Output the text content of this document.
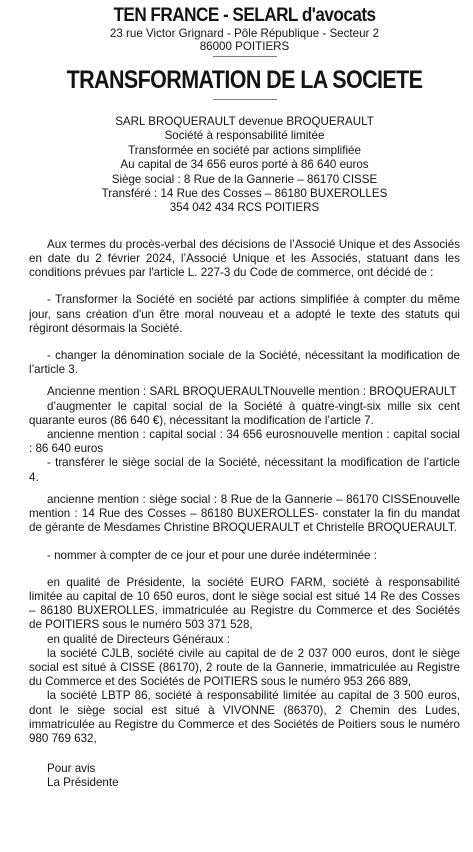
TEN FRANCE - SELARL d'avocats
23 rue Victor Grignard - Pôle République - Secteur 2
86000 POITIERS
TRANSFORMATION DE LA SOCIETE
SARL BROQUERAULT devenue BROQUERAULT
Société à responsabilité limitée
Transformée en société par actions simplifiée
Au capital de 34 656 euros porté à 86 640 euros
Siège social : 8 Rue de la Gannerie – 86170 CISSE
Transféré : 14 Rue des Cosses – 86180 BUXEROLLES
354 042 434 RCS POITIERS

Aux termes du procès-verbal des décisions de l’Associé Unique et des Associés en date du 2 février 2024, l’Associé Unique et les Associés, statuant dans les conditions prévues par l'article L. 227-3 du Code de commerce, ont décidé de :

- Transformer la Société en société par actions simplifiée à compter du même jour, sans création d'un être moral nouveau et a adopté le texte des statuts qui régiront désormais la Société.

- changer la dénomination sociale de la Société, nécessitant la modification de l’article 3.

Ancienne mention : SARL BROQUERAULTNouvelle mention : BROQUERAULT

d’augmenter le capital social de la Société à quatre-vingt-six mille six cent quarante euros (86 640 €), nécessitant la modification de l’article 7.

ancienne mention : capital social : 34 656 eurosnouvelle mention : capital social : 86 640 euros

- transférer le siège social de la Société, nécessitant la modification de l’article 4.

ancienne mention : siège social : 8 Rue de la Gannerie – 86170 CISSEnouvelle mention : 14 Rue des Cosses – 86180 BUXEROLLES- constater la fin du mandat de gérante de Mesdames Christine BROQUERAULT et Christelle BROQUERAULT.

- nommer à compter de ce jour et pour une durée indéterminée :

en qualité de Présidente, la société EURO FARM, société à responsabilité limitée au capital de 10 650 euros, dont le siège social est situé 14 Re des Cosses – 86180 BUXEROLLES, immatriculée au Registre du Commerce et des Sociétés de POITIERS sous le numéro 503 371 528,

en qualité de Directeurs Généraux :

la société CJLB, société civile au capital de de 2 037 000 euros, dont le siège social est situé à CISSE (86170), 2 route de la Gannerie, immatriculée au Registre du Commerce et des Sociétés de POITIERS sous le numéro 953 266 889,

la société LBTP 86, société à responsabilité limitée au capital de 3 500 euros, dont le siège social est situé à VIVONNE (86370), 2 Chemin des Ludes, immatriculée au Registre du Commerce et des Sociétés de Poitiers sous le numéro 980 769 632,

Pour avis
La Présidente
